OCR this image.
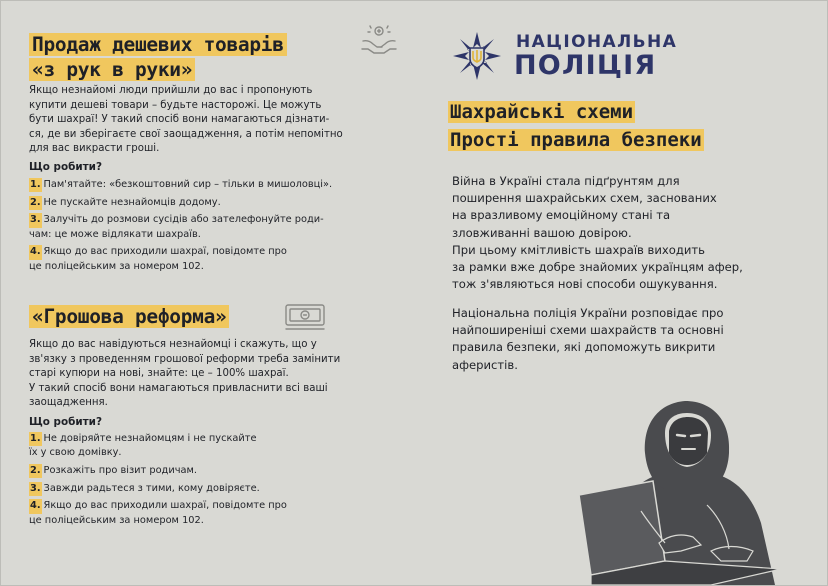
Продаж дешевих товарів
«з рук в руки»
Якщо незнайомі люди прийшли до вас і пропонують
купити дешеві товари – будьте насторожі. Це можуть
бути шахраї! У такий спосіб вони намагаються дізнати-
ся, де ви зберігаєте свої заощадження, а потім непомітно
для вас викрасти гроші.
Що робити?
1. Пам'ятайте: «безкоштовний сир – тільки в мишоловці».
2. Не пускайте незнайомців додому.
3. Залучіть до розмови сусідів або зателефонуйте роди-
чам: це може відлякати шахраїв.
4. Якщо до вас приходили шахраї, повідомте про
це поліцейським за номером 102.
«Грошова реформа»
Якщо до вас навідуються незнайомці і скажуть, що у
зв'язку з проведенням грошової реформи треба замінити
старі купюри на нові, знайте: це – 100% шахраї.
У такий спосіб вони намагаються привласнити всі ваші
заощадження.
Що робити?
1. Не довіряйте незнайомцям і не пускайте
їх у свою домівку.
2. Розкажіть про візит родичам.
3. Завжди радьтеся з тими, кому довіряєте.
4. Якщо до вас приходили шахраї, повідомте про
це поліцейським за номером 102.
НАЦІОНАЛЬНА
ПОЛІЦІЯ
Шахрайські схеми
Прості правила безпеки
Війна в Україні стала підґрунтям для
поширення шахрайських схем, заснованих
на вразливому емоційному стані та
зловживанні вашою довірою.
При цьому кмітливість шахраїв виходить
за рамки вже добре знайомих українцям афер,
тож з'являються нові способи ошукування.
Національна поліція України розповідає про
найпоширеніші схеми шахрайств та основні
правила безпеки, які допоможуть викрити
аферистів.
